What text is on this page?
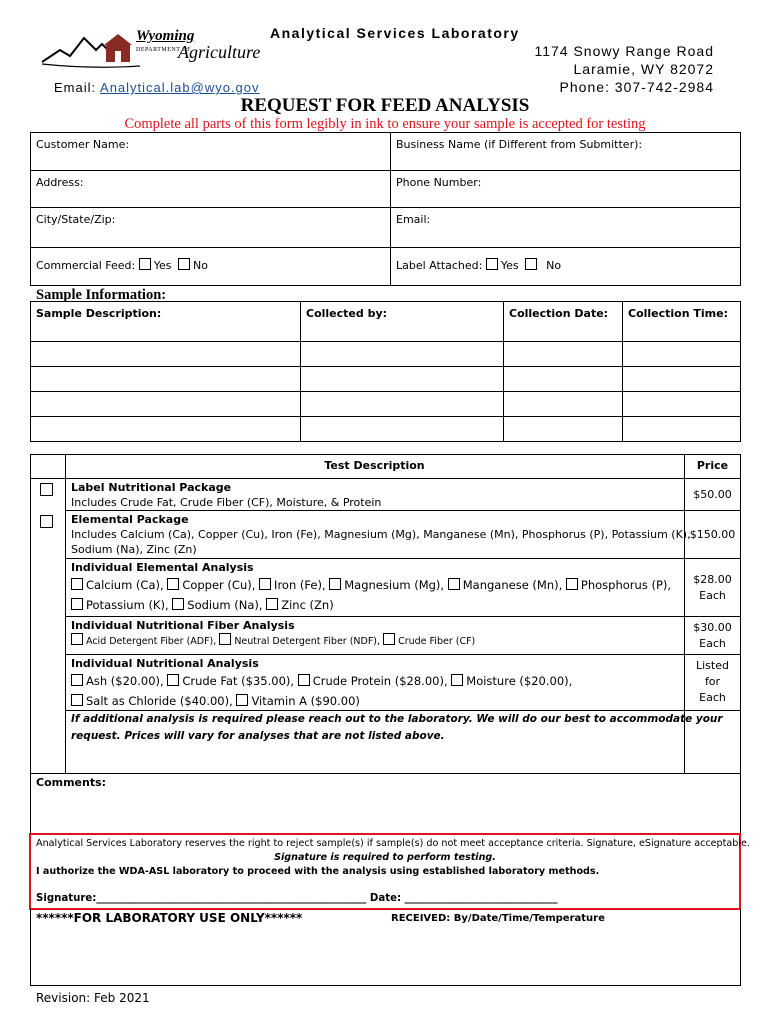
Wyoming
DEPARTMENT OF
Agriculture
Analytical Services Laboratory
1174 Snowy Range Road
Laramie, WY 82072
Phone: 307-742-2984
Email: Analytical.lab@wyo.gov
REQUEST FOR FEED ANALYSIS
Complete all parts of this form legibly in ink to ensure your sample is accepted for testing
Customer Name:	Business Name (if Different from Submitter):
Address:	Phone Number:
City/State/Zip:	Email:
Commercial Feed: Yes No	Label Attached: Yes No
Sample Information:
Sample Description:	Collected by:	Collection Date:	Collection Time:

Test Description	Price
Label Nutritional Package
Includes Crude Fat, Crude Fiber (CF), Moisture, & Protein
$50.00
Elemental Package
Includes Calcium (Ca), Copper (Cu), Iron (Fe), Magnesium (Mg), Manganese (Mn), Phosphorus (P), Potassium (K),
Sodium (Na), Zinc (Zn)
$150.00
Individual Elemental Analysis
Calcium (Ca), Copper (Cu), Iron (Fe), Magnesium (Mg), Manganese (Mn), Phosphorus (P),
Potassium (K), Sodium (Na), Zinc (Zn)
$28.00
Each
Individual Nutritional Fiber Analysis
Acid Detergent Fiber (ADF), Neutral Detergent Fiber (NDF), Crude Fiber (CF)
$30.00
Each
Individual Nutritional Analysis
Ash ($20.00), Crude Fat ($35.00), Crude Protein ($28.00), Moisture ($20.00),
Salt as Chloride ($40.00), Vitamin A ($90.00)
Listed
for
Each
If additional analysis is required please reach out to the laboratory. We will do our best to accommodate your
request. Prices will vary for analyses that are not listed above.
Comments:
Analytical Services Laboratory reserves the right to reject sample(s) if sample(s) do not meet acceptance criteria. Signature, eSignature acceptable.
Signature is required to perform testing.
I authorize the WDA-ASL laboratory to proceed with the analysis using established laboratory methods.
Signature:_____________________________________________________ Date: ______________________________
******FOR LABORATORY USE ONLY******	RECEIVED: By/Date/Time/Temperature
Revision: Feb 2021
